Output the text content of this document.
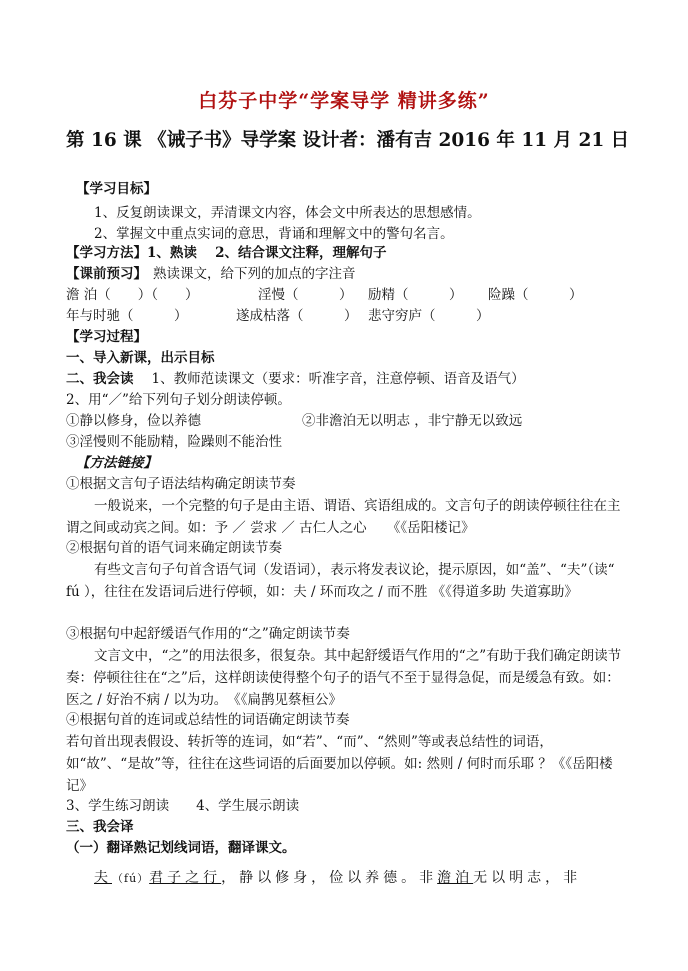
白芬子中学“学案导学 精讲多练”
第 16 课 《诫子书》导学案 设计者：潘有吉 2016 年 11 月 21 日
【学习目标】
1、反复朗读课文，弄清课文内容，体会文中所表达的思想感情。
2、掌握文中重点实词的意思，背诵和理解文中的警句名言。
【学习方法】1、熟读　 2、结合课文注释，理解句子
【课前预习】 熟读课文，给下列的加点的字注音
澹 泊（　　）（　　）	淫慢（　　　） 励精（　　　） 险躁（　　　）
年与时驰（　　　）	遂成枯落（　　　） 悲守穷庐（　　　）
【学习过程】
一、导入新课，出示目标
二、我会读 1、教师范读课文（要求：听准字音，注意停顿、语音及语气）
2、用“／”给下列句子划分朗读停顿。
①静以修身，俭以养德	②非澹泊无以明志 ，非宁静无以致远
③淫慢则不能励精，险躁则不能治性
【方法链接】
①根据文言句子语法结构确定朗读节奏
一般说来，一个完整的句子是由主语、谓语、宾语组成的。文言句子的朗读停顿往往在主谓之间或动宾之间。如：予 ／ 尝求 ／ 古仁人之心　　《《岳阳楼记》
②根据句首的语气词来确定朗读节奏
有些文言句子句首含语气词（发语词），表示将发表议论，提示原因，如“盖”、“夫”（读“ fú ），往往在发语词后进行停顿，如：夫 / 环而攻之 / 而不胜 《《得道多助 失道寡助》
③根据句中起舒缓语气作用的“之”确定朗读节奏
文言文中，“之”的用法很多，很复杂。其中起舒缓语气作用的“之”有助于我们确定朗读节奏：停顿往往在“之”后，这样朗读使得整个句子的语气不至于显得急促，而是缓急有致。如：医之 / 好治不病 / 以为功。　《《扁鹊见蔡桓公》
④根据句首的连词或总结性的词语确定朗读节奏
若句首出现表假设、转折等的连词，如“若”、“而”、“然则”等或表总结性的词语，如“故”、“是故”等，往往在这些词语的后面要加以停顿。如: 然则 / 何时而乐耶 ？《《岳阳楼记》
3、学生练习朗读　　4、学生展示朗读
三、我会译
（一）翻译熟记划线词语，翻译课文。
夫（fú）君子之行，静以修身，俭以养德。非澹泊无以明志，非
